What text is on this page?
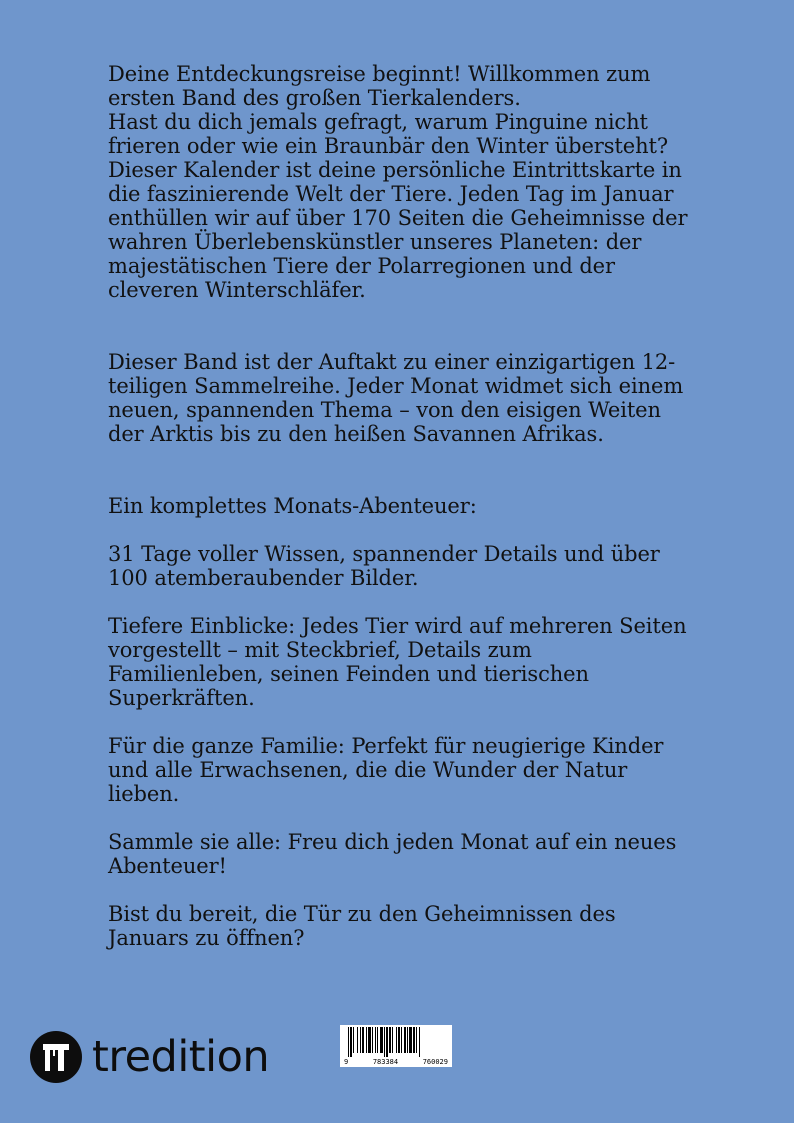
Deine Entdeckungsreise beginnt! Willkommen zum
ersten Band des großen Tierkalenders.
Hast du dich jemals gefragt, warum Pinguine nicht
frieren oder wie ein Braunbär den Winter übersteht?
Dieser Kalender ist deine persönliche Eintrittskarte in
die faszinierende Welt der Tiere. Jeden Tag im Januar
enthüllen wir auf über 170 Seiten die Geheimnisse der
wahren Überlebenskünstler unseres Planeten: der
majestätischen Tiere der Polarregionen und der
cleveren Winterschläfer.

Dieser Band ist der Auftakt zu einer einzigartigen 12-
teiligen Sammelreihe. Jeder Monat widmet sich einem
neuen, spannenden Thema – von den eisigen Weiten
der Arktis bis zu den heißen Savannen Afrikas.

Ein komplettes Monats-Abenteuer:

31 Tage voller Wissen, spannender Details und über
100 atemberaubender Bilder.

Tiefere Einblicke: Jedes Tier wird auf mehreren Seiten
vorgestellt – mit Steckbrief, Details zum
Familienleben, seinen Feinden und tierischen
Superkräften.

Für die ganze Familie: Perfekt für neugierige Kinder
und alle Erwachsenen, die die Wunder der Natur
lieben.

Sammle sie alle: Freu dich jeden Monat auf ein neues
Abenteuer!

Bist du bereit, die Tür zu den Geheimnissen des
Januars zu öffnen?

tredition	9	783384	760029
